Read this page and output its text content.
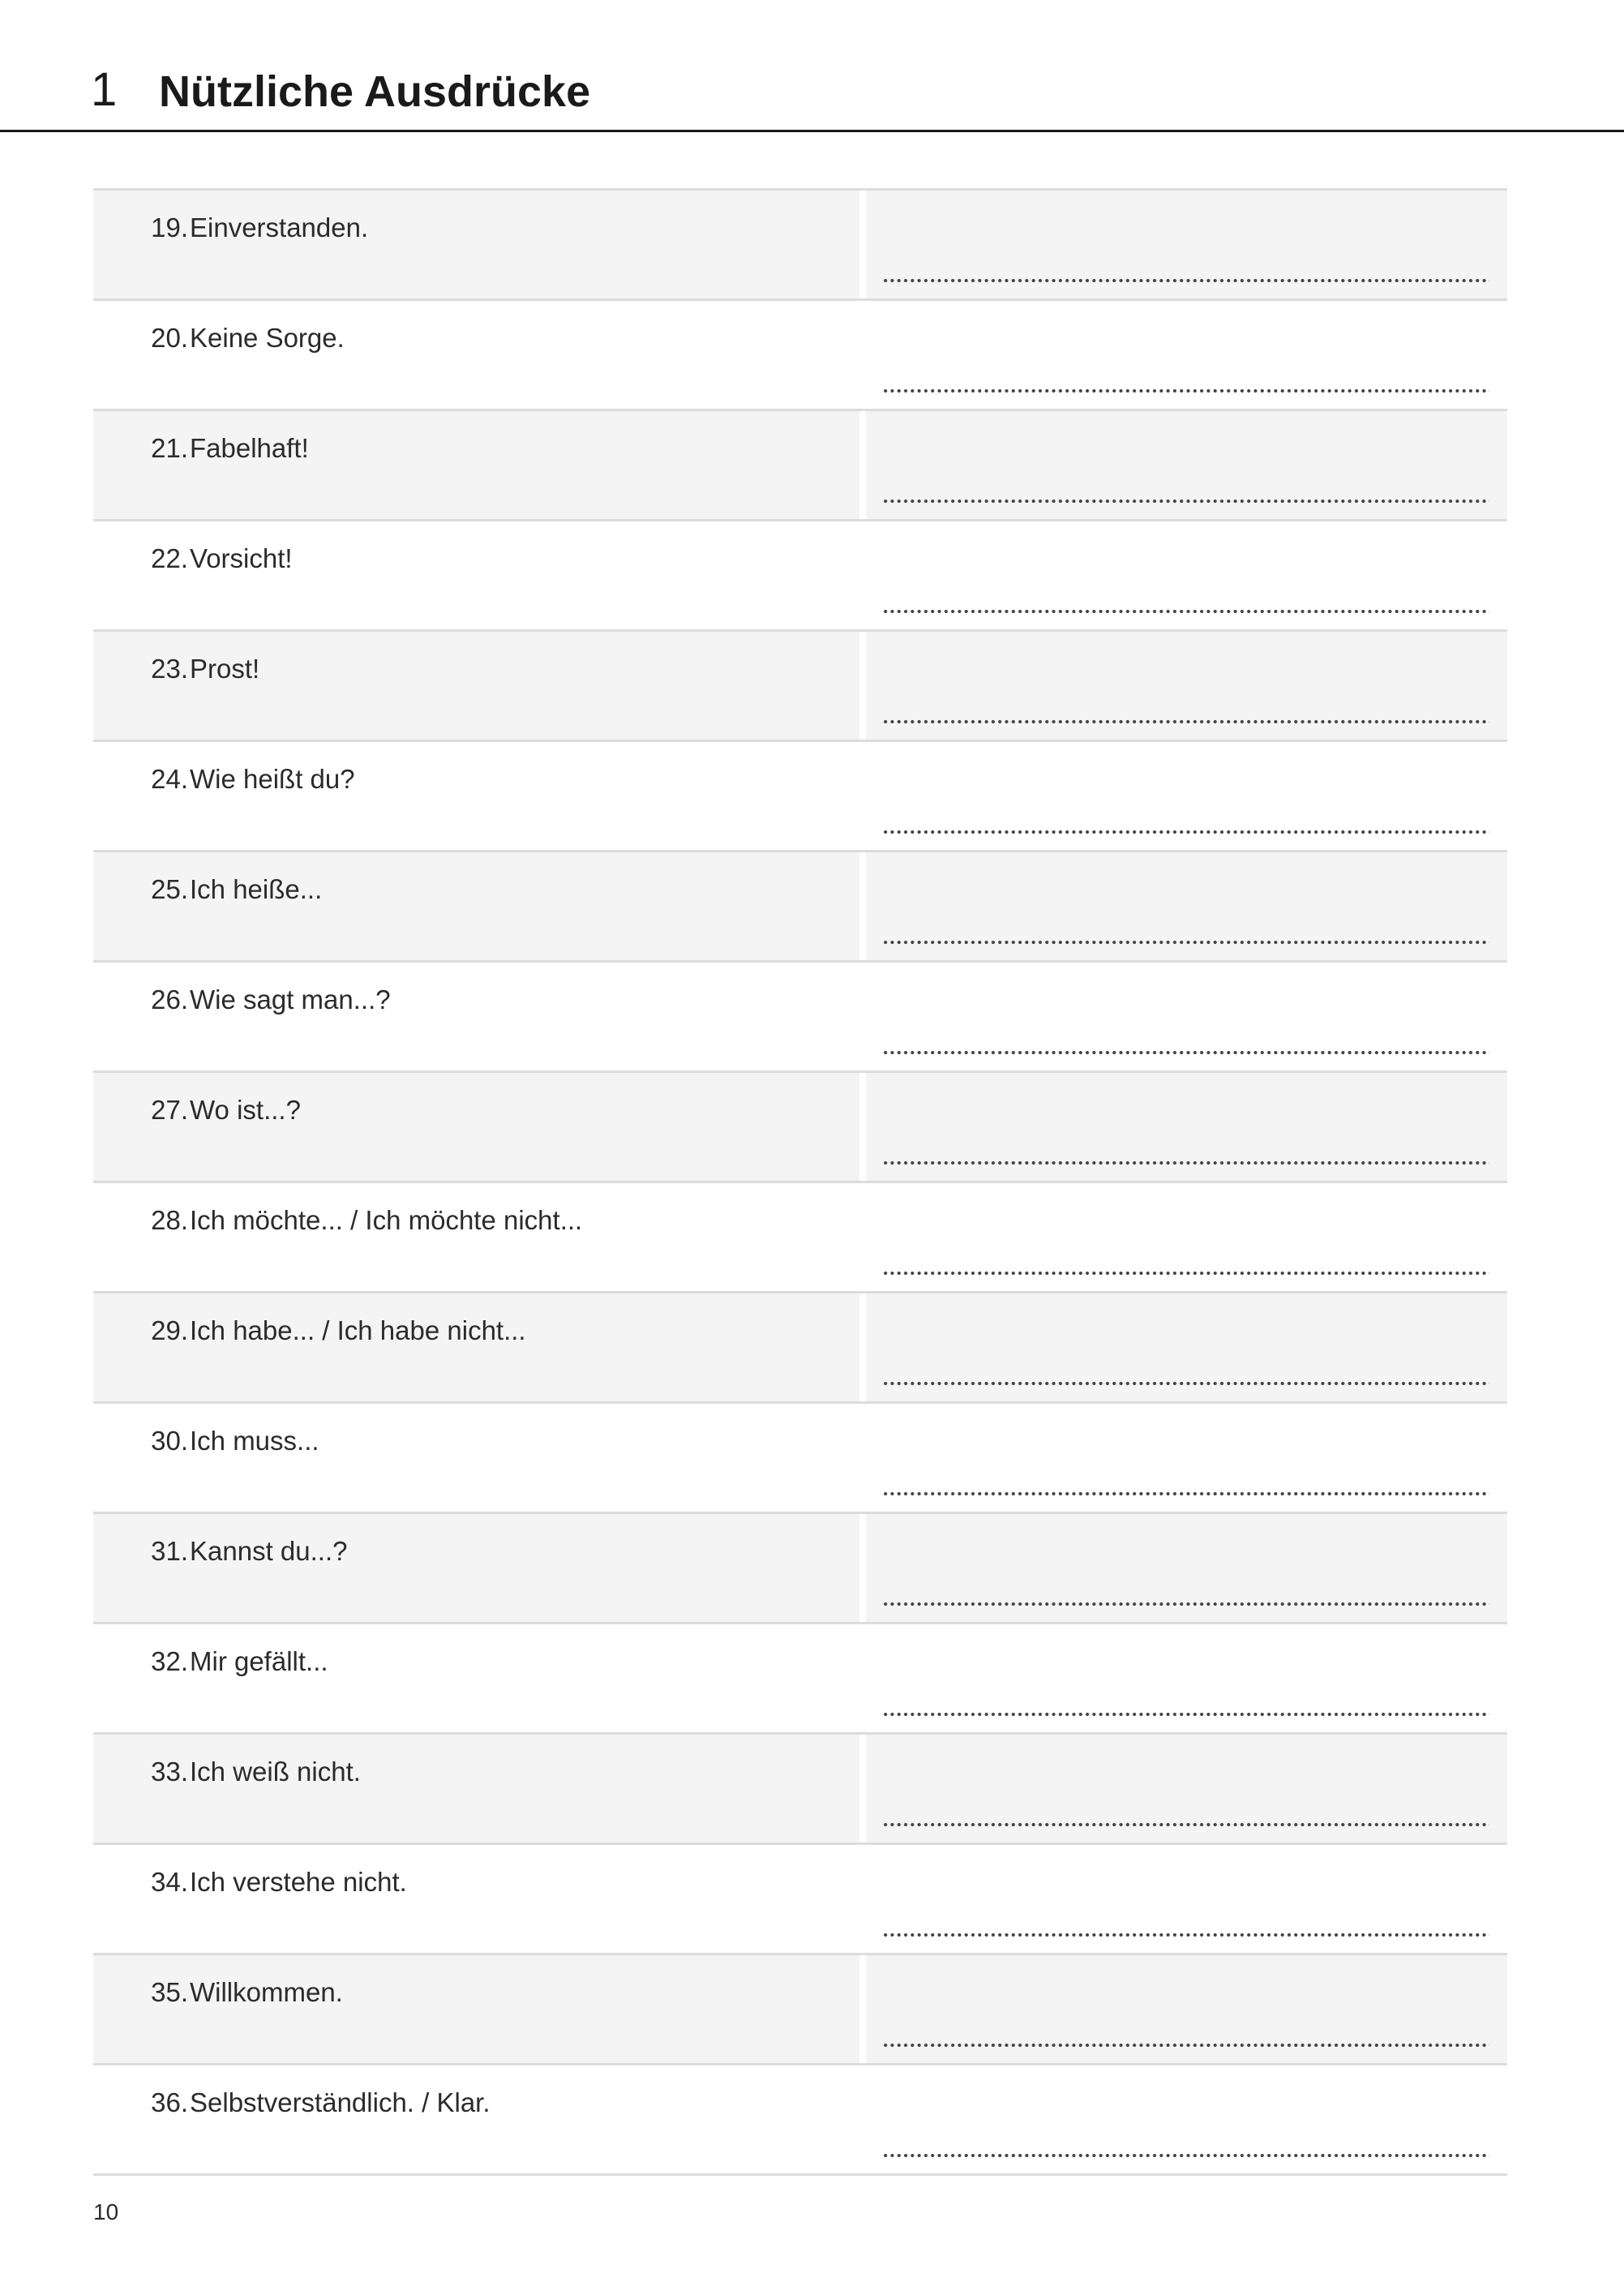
1 Nützliche Ausdrücke
19. Einverstanden.
20. Keine Sorge.
21. Fabelhaft!
22. Vorsicht!
23. Prost!
24. Wie heißt du?
25. Ich heiße...
26. Wie sagt man...?
27. Wo ist...?
28. Ich möchte... / Ich möchte nicht...
29. Ich habe... / Ich habe nicht...
30. Ich muss...
31. Kannst du...?
32. Mir gefällt...
33. Ich weiß nicht.
34. Ich verstehe nicht.
35. Willkommen.
36. Selbstverständlich. / Klar.
10
